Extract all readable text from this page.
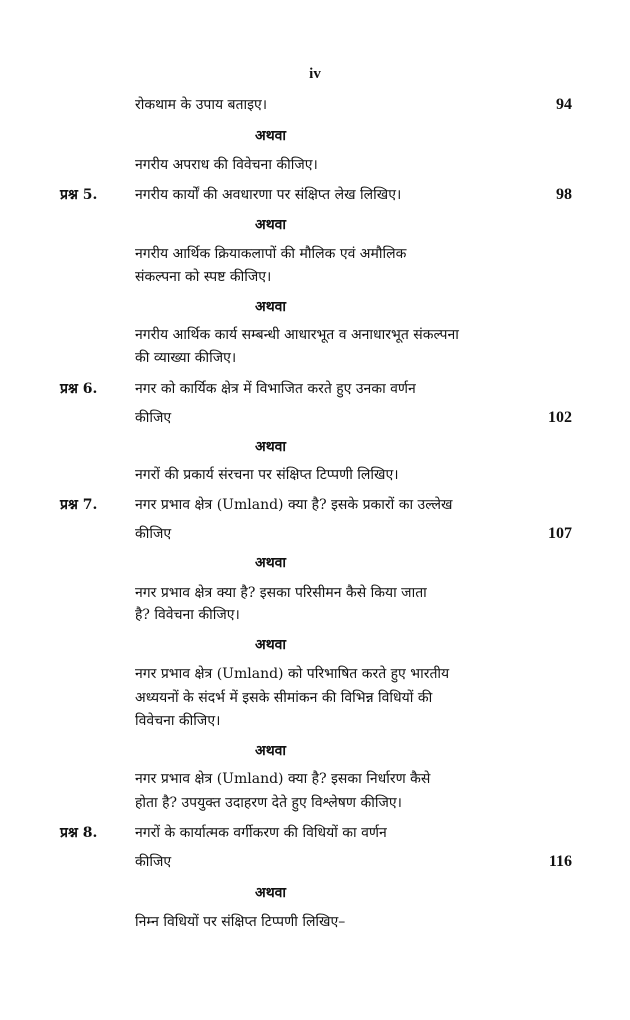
iv
रोकथाम के उपाय बताइए।	94
अथवा
नगरीय अपराध की विवेचना कीजिए।
प्रश्न 5.	नगरीय कार्यों की अवधारणा पर संक्षिप्त लेख लिखिए।	98
अथवा
नगरीय आर्थिक क्रियाकलापों की मौलिक एवं अमौलिक
संकल्पना को स्पष्ट कीजिए।
अथवा
नगरीय आर्थिक कार्य सम्बन्धी आधारभूत व अनाधारभूत संकल्पना
की व्याख्या कीजिए।
प्रश्न 6.	नगर को कार्यिक क्षेत्र में विभाजित करते हुए उनका वर्णन
कीजिए	102
अथवा
नगरों की प्रकार्य संरचना पर संक्षिप्त टिप्पणी लिखिए।
प्रश्न 7.	नगर प्रभाव क्षेत्र (Umland) क्या है? इसके प्रकारों का उल्लेख
कीजिए	107
अथवा
नगर प्रभाव क्षेत्र क्या है? इसका परिसीमन कैसे किया जाता
है? विवेचना कीजिए।
अथवा
नगर प्रभाव क्षेत्र (Umland) को परिभाषित करते हुए भारतीय
अध्ययनों के संदर्भ में इसके सीमांकन की विभिन्न विधियों की
विवेचना कीजिए।
अथवा
नगर प्रभाव क्षेत्र (Umland) क्या है? इसका निर्धारण कैसे
होता है? उपयुक्त उदाहरण देते हुए विश्लेषण कीजिए।
प्रश्न 8.	नगरों के कार्यात्मक वर्गीकरण की विधियों का वर्णन
कीजिए	116
अथवा
निम्न विधियों पर संक्षिप्त टिप्पणी लिखिए–
